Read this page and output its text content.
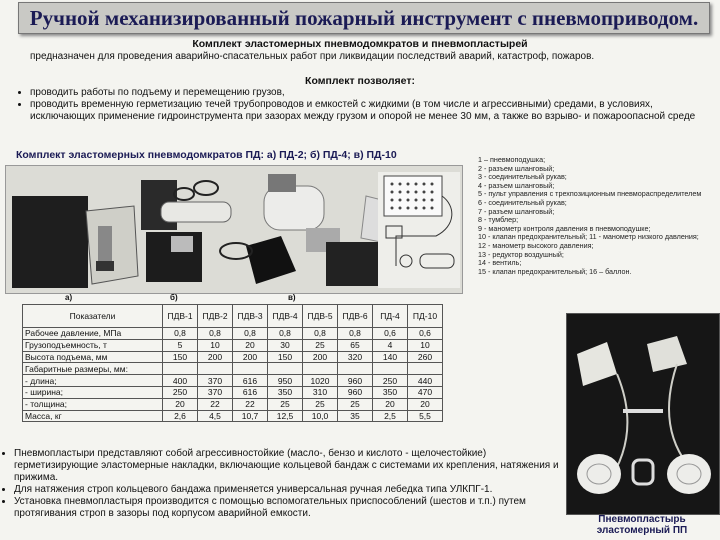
Ручной механизированный пожарный инструмент с пневмоприводом.
Комплект эластомерных пневмодомкратов и пневмопластырей
предназначен для проведения аварийно-спасательных работ при ликвидации последствий аварий, катастроф, пожаров.
Комплект позволяет:
• проводить работы по подъему и перемещению грузов,
• проводить временную герметизацию течей трубопроводов и емкостей с жидкими (в том числе и агрессивными) средами, в условиях, исключающих применение гидроинструмента при зазорах между грузом и опорой не менее 30 мм, а также во взрыво- и пожароопасной среде
Комплект эластомерных пневмодомкратов ПД: а) ПД-2; б) ПД-4; в) ПД-10	1 – пневмоподушка;
2 - разъем шланговый;
3 - соединительный рукав;
4 - разъем шланговый;
5 - пульт управления с трехпозиционным пневмораспределителем
6 - соединительный рукав;
7 - разъем шланговый;
8 - тумблер;
9 - манометр контроля давления в пневмоподушке;
10 - клапан предохранительный; 11 - манометр низкого давления;
12 - манометр высокого давления;
13 - редуктор воздушный;
14 - вентиль;
15 - клапан предохранительный; 16 – баллон.
а)	б)	в)
Показатели	ПДВ-1	ПДВ-2	ПДВ-3	ПДВ-4	ПДВ-5	ПДВ-6	ПД-4	ПД-10
Рабочее давление, МПа	0,8	0,8	0,8	0,8	0,8	0,8	0,6	0,6
Грузоподъемность, т	5	10	20	30	25	65	4	10
Высота подъема, мм	150	200	200	150	200	320	140	260
Габаритные размеры, мм:								
- длина;	400	370	616	950	1020	960	250	440
- ширина;	250	370	616	350	310	960	350	470
- толщина;	20	22	22	25	25	25	20	20
Масса, кг	2,6	4,5	10,7	12,5	10,0	35	2,5	5,5
• Пневмопластыри представляют собой агрессивностойкие (масло-, бензо и кислото - щелочестойкие) герметизирующие эластомерные накладки, включающие кольцевой бандаж с системами их крепления, натяжения и прижима.
• Для натяжения строп кольцевого бандажа применяется универсальная ручная лебедка типа УЛКПГ-1.
• Установка пневмопластыря производится с помощью вспомогательных приспособлений (шестов и т.п.) путем протягивания строп в зазоры под корпусом аварийной емкости.
Пневмопластырь
эластомерный ПП
